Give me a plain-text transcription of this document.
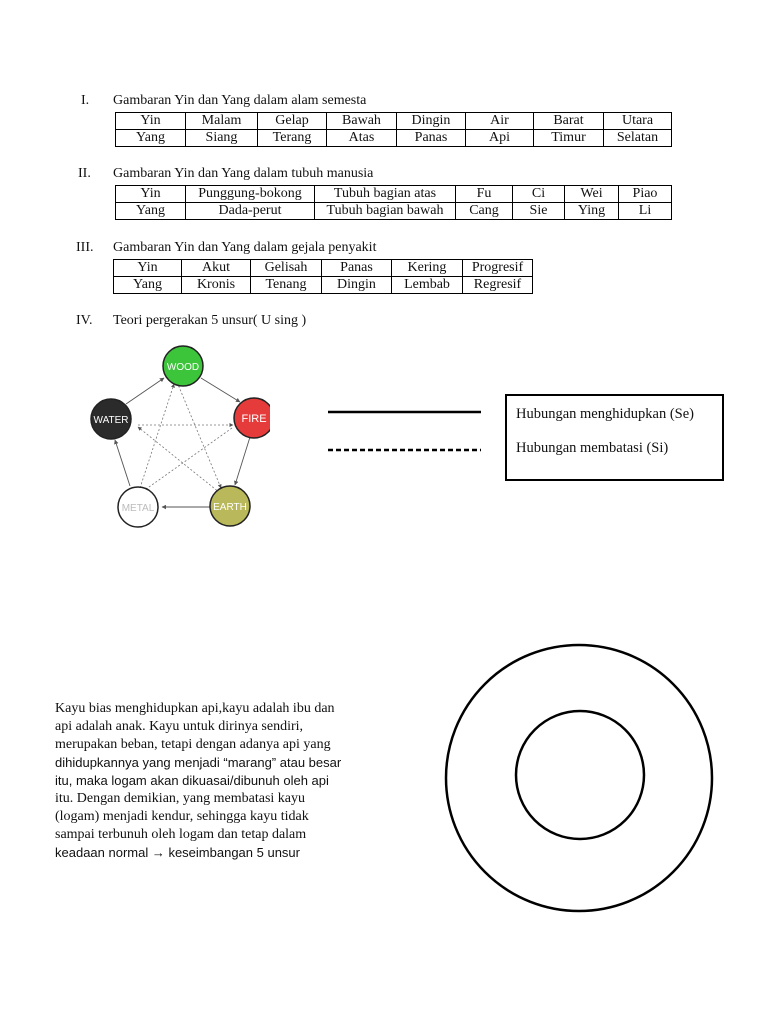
I. Gambaran Yin dan Yang dalam alam semesta
Yin	Malam	Gelap	Bawah	Dingin	Air	Barat	Utara
Yang	Siang	Terang	Atas	Panas	Api	Timur	Selatan
II. Gambaran Yin dan Yang dalam tubuh manusia
Yin	Punggung-bokong	Tubuh bagian atas	Fu	Ci	Wei	Piao
Yang	Dada-perut	Tubuh bagian bawah	Cang	Sie	Ying	Li
III. Gambaran Yin dan Yang dalam gejala penyakit
Yin	Akut	Gelisah	Panas	Kering	Progresif
Yang	Kronis	Tenang	Dingin	Lembab	Regresif
IV. Teori pergerakan 5 unsur( U sing )
WOOD
FIRE
EARTH
METAL
WATER	Hubungan menghidupkan (Se)
Hubungan membatasi (Si)
Kayu bias menghidupkan api,kayu adalah ibu dan
api adalah anak. Kayu untuk dirinya sendiri,
merupakan beban, tetapi dengan adanya api yang
dihidupkannya yang menjadi “marang” atau besar
itu, maka logam akan dikuasai/dibunuh oleh api
itu. Dengan demikian, yang membatasi kayu
(logam) menjadi kendur, sehingga kayu tidak
sampai terbunuh oleh logam dan tetap dalam
keadaan normal → keseimbangan 5 unsur
